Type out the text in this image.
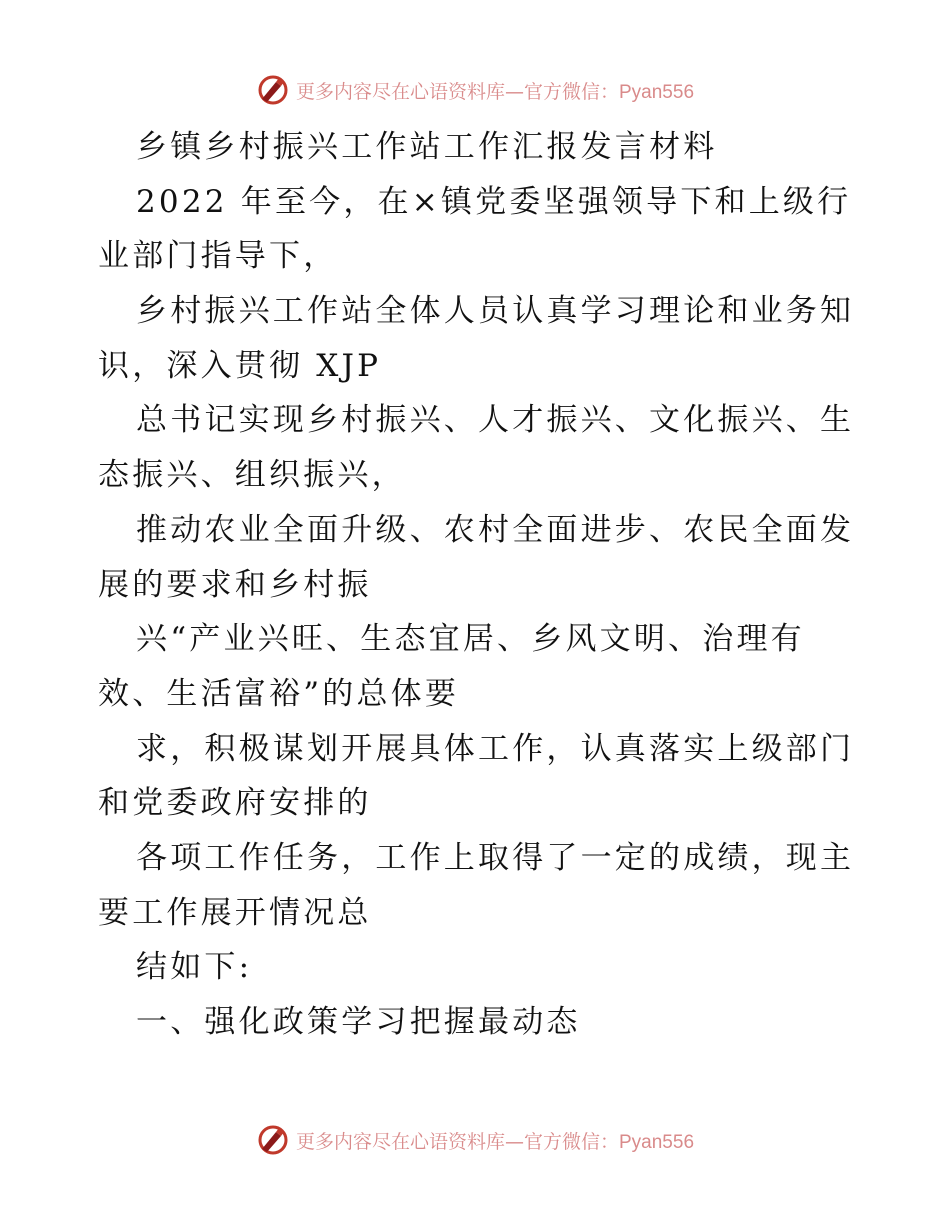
更多内容尽在心语资料库—官方微信：Pyan556
乡镇乡村振兴工作站工作汇报发言材料
2022 年至今，在×镇党委坚强领导下和上级行
业部门指导下，
乡村振兴工作站全体人员认真学习理论和业务知
识，深入贯彻 XJP
总书记实现乡村振兴、人才振兴、文化振兴、生
态振兴、组织振兴，
推动农业全面升级、农村全面进步、农民全面发
展的要求和乡村振
兴“产业兴旺、生态宜居、乡风文明、治理有
效、生活富裕”的总体要
求，积极谋划开展具体工作，认真落实上级部门
和党委政府安排的
各项工作任务，工作上取得了一定的成绩，现主
要工作展开情况总
结如下:
一、强化政策学习把握最动态
更多内容尽在心语资料库—官方微信：Pyan556
